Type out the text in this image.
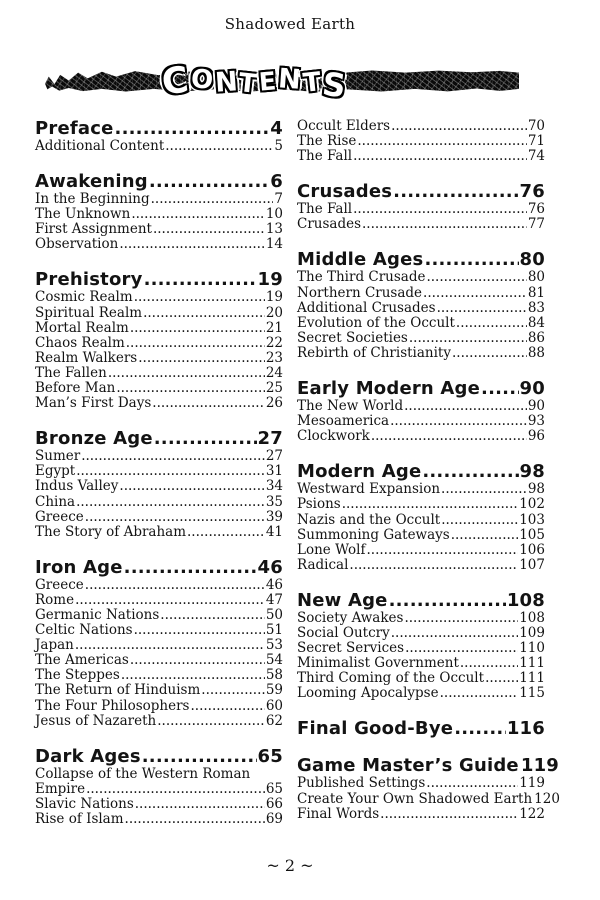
Shadowed Earth
C
O N T E N T
S
Preface .....	4
Additional Content .....	5
Awakening .....	6
In the Beginning .....	7
The Unknown .....	10
First Assignment .....	13
Observation .....	14
Prehistory .....	19
Cosmic Realm .....	19
Spiritual Realm .....	20
Mortal Realm .....	21
Chaos Realm .....	22
Realm Walkers .....	23
The Fallen .....	24
Before Man .....	25
Man’s First Days .....	26
Bronze Age .....	27
Sumer .....	27
Egypt .....	31
Indus Valley .....	34
China .....	35
Greece .....	39
The Story of Abraham .....	41
Iron Age .....	46
Greece .....	46
Rome .....	47
Germanic Nations .....	50
Celtic Nations .....	51
Japan .....	53
The Americas .....	54
The Steppes .....	58
The Return of Hinduism .....	59
The Four Philosophers .....	60
Jesus of Nazareth .....	62
Dark Ages .....	65
Collapse of the Western Roman
Empire .....	65
Slavic Nations .....	66
Rise of Islam .....	69
Occult Elders .....	70
The Rise .....	71
The Fall .....	74
Crusades .....	76
The Fall .....	76
Crusades .....	77
Middle Ages .....	80
The Third Crusade .....	80
Northern Crusade .....	81
Additional Crusades .....	83
Evolution of the Occult .....	84
Secret Societies .....	86
Rebirth of Christianity .....	88
Early Modern Age ..... 90
The New World .....	90
Mesoamerica .....	93
Clockwork .....	96
Modern Age .....	98
Westward Expansion .....	98
Psions .....	102
Nazis and the Occult .....	103
Summoning Gateways .....	105
Lone Wolf .....	106
Radical .....	107
New Age .....	108
Society Awakes .....	108
Social Outcry .....	109
Secret Services .....	110
Minimalist Government .....	111
Third Coming of the Occult .....	111
Looming Apocalypse .....	115
Final Good-Bye .....	116
Game Master’s Guide 119
Published Settings .....	119
Create Your Own Shadowed Earth 120
Final Words .....	122
~ 2 ~
